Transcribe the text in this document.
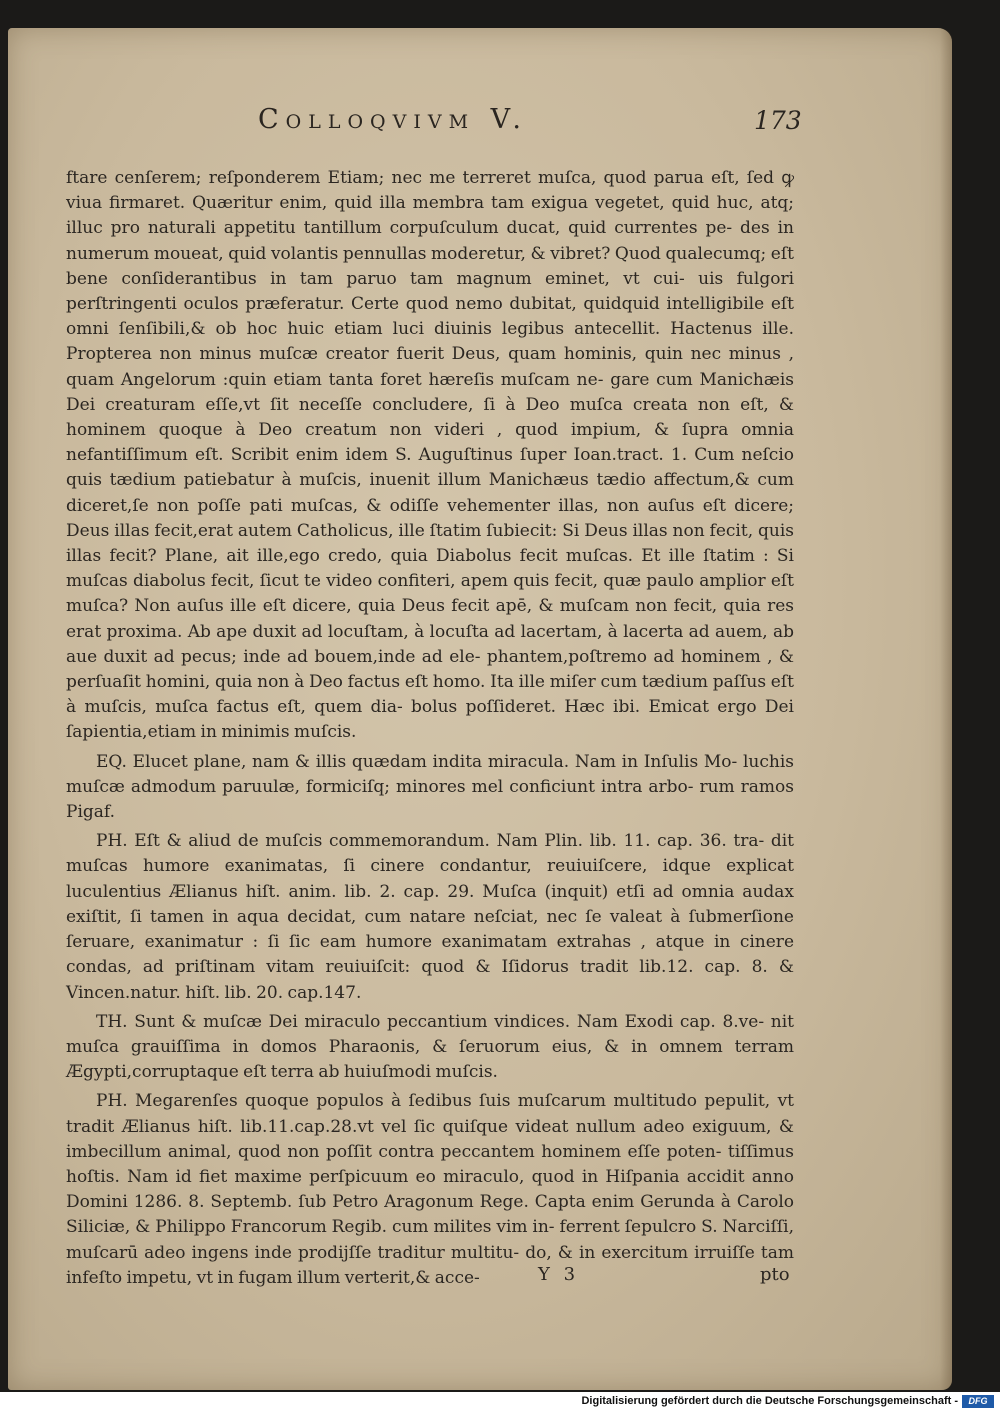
Colloqvivm V.	173

ftare cenſerem; reſponderem Etiam; nec me terreret muſca, quod parua eſt, ſed ꝙ viua firmaret. Quæritur enim, quid illa membra tam exigua vegetet, quid huc, atq; illuc pro naturali appetitu tantillum corpuſculum ducat, quid currentes pe- des in numerum moueat, quid volantis pennullas moderetur, & vibret? Quod qualecumq; eſt bene conſiderantibus in tam paruo tam magnum eminet, vt cui- uis fulgori perſtringenti oculos præferatur. Certe quod nemo dubitat, quidquid intelligibile eſt omni ſenſibili,& ob hoc huic etiam luci diuinis legibus antecellit. Hactenus ille. Propterea non minus muſcæ creator fuerit Deus, quam hominis, quin nec minus , quam Angelorum :quin etiam tanta foret hæreſis muſcam ne- gare cum Manichæis Dei creaturam eſſe,vt ſit neceſſe concludere, ſi à Deo muſca creata non eſt, & hominem quoque à Deo creatum non videri , quod impium, & ſupra omnia nefantiſſimum eſt. Scribit enim idem S. Auguſtinus ſuper Ioan.tract. 1. Cum neſcio quis tædium patiebatur à muſcis, inuenit illum Manichæus tædio affectum,& cum diceret,ſe non poſſe pati muſcas, & odiſſe vehementer illas, non auſus eſt dicere; Deus illas fecit,erat autem Catholicus, ille ſtatim ſubiecit: Si Deus illas non fecit, quis illas fecit? Plane, ait ille,ego credo, quia Diabolus fecit muſcas. Et ille ſtatim : Si muſcas diabolus fecit, ſicut te video confiteri, apem quis fecit, quæ paulo amplior eſt muſca? Non auſus ille eſt dicere, quia Deus fecit apē, & muſcam non fecit, quia res erat proxima. Ab ape duxit ad locuſtam, à locuſta ad lacertam, à lacerta ad auem, ab aue duxit ad pecus; inde ad bouem,inde ad ele- phantem,poſtremo ad hominem , & perſuaſit homini, quia non à Deo factus eſt homo. Ita ille miſer cum tædium paſſus eſt à muſcis, muſca factus eſt, quem dia- bolus poſſideret. Hæc ibi. Emicat ergo Dei ſapientia,etiam in minimis muſcis.

EQ. Elucet plane, nam & illis quædam indita miracula. Nam in Inſulis Mo- luchis muſcæ admodum paruulæ, formiciſq; minores mel conficiunt intra arbo- rum ramos Pigaf.

PH. Eſt & aliud de muſcis commemorandum. Nam Plin. lib. 11. cap. 36. tra- dit muſcas humore exanimatas, ſi cinere condantur, reuiuiſcere, idque explicat luculentius Ælianus hiſt. anim. lib. 2. cap. 29. Muſca (inquit) etſi ad omnia audax exiſtit, ſi tamen in aqua decidat, cum natare neſciat, nec ſe valeat à ſubmerſione ſeruare, exanimatur : ſi ſic eam humore exanimatam extrahas , atque in cinere condas, ad priſtinam vitam reuiuiſcit: quod & Iſidorus tradit lib.12. cap. 8. & Vincen.natur. hiſt. lib. 20. cap.147.

TH. Sunt & muſcæ Dei miraculo peccantium vindices. Nam Exodi cap. 8.ve- nit muſca grauiſſima in domos Pharaonis, & ſeruorum eius, & in omnem terram Ægypti,corruptaque eſt terra ab huiuſmodi muſcis.

PH. Megarenſes quoque populos à ſedibus ſuis muſcarum multitudo pepulit, vt tradit Ælianus hiſt. lib.11.cap.28.vt vel ſic quiſque videat nullum adeo exiguum, & imbecillum animal, quod non poſſit contra peccantem hominem eſſe poten- tiſſimus hoſtis. Nam id fiet maxime perſpicuum eo miraculo, quod in Hiſpania accidit anno Domini 1286. 8. Septemb. ſub Petro Aragonum Rege. Capta enim Gerunda à Carolo Siliciæ, & Philippo Francorum Regib. cum milites vim in- ferrent ſepulcro S. Narciſſi, muſcarū adeo ingens inde prodijſſe traditur multitu- do, & in exercitum irruiſſe tam infeſto impetu, vt in fugam illum verterit,& acce-	Y 3	pto
Digitalisierung gefördert durch die Deutsche Forschungsgemeinschaft -	DFG
